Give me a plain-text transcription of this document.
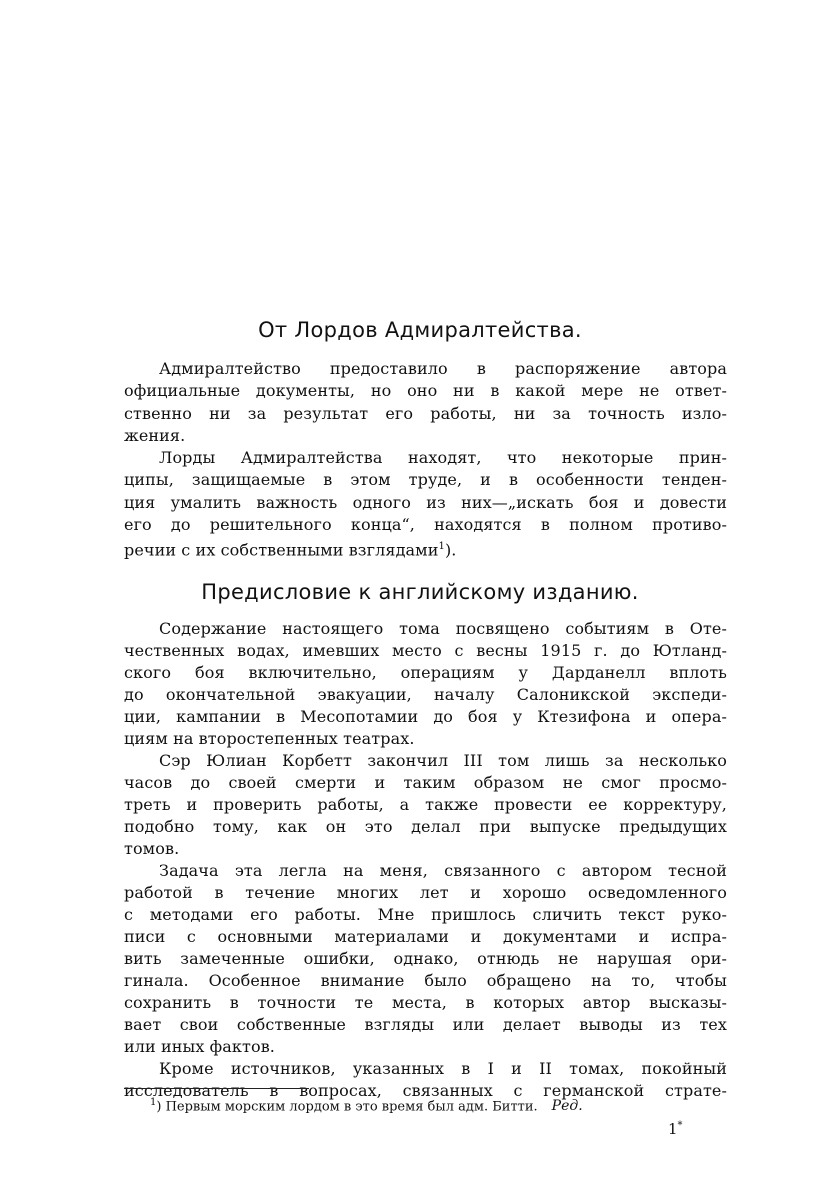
От Лордов Адмиралтейства.
Адмиралтейство предоставило в распоряжение автора
официальные документы, но оно ни в какой мере не ответ-
ственно ни за результат его работы, ни за точность изло-
жения.
Лорды Адмиралтейства находят, что некоторые прин-
ципы, защищаемые в этом труде, и в особенности тенден-
ция умалить важность одного из них—„искать боя и довести
его до решительного конца“, находятся в полном противо-
речии с их собственными взглядами$^1$).
Предисловие к английскому изданию.
Содержание настоящего тома посвящено событиям в Оте-
чественных водах, имевших место с весны 1915 г. до Ютланд-
ского боя включительно, операциям у Дарданелл вплоть
до окончательной эвакуации, началу Салоникской экспеди-
ции, кампании в Месопотамии до боя у Ктезифона и опера-
циям на второстепенных театрах.
Сэр Юлиан Корбетт закончил III том лишь за несколько
часов до своей смерти и таким образом не смог просмо-
треть и проверить работы, а также провести ее корректуру,
подобно тому, как он это делал при выпуске предыдущих
томов.
Задача эта легла на меня, связанного с автором тесной
работой в течение многих лет и хорошо осведомленного
с методами его работы. Мне пришлось сличить текст руко-
писи с основными материалами и документами и испра-
вить замеченные ошибки, однако, отнюдь не нарушая ори-
гинала. Особенное внимание было обращено на то, чтобы
сохранить в точности те места, в которых автор высказы-
вает свои собственные взгляды или делает выводы из тех
или иных фактов.
Кроме источников, указанных в I и II томах, покойный
исследователь в вопросах, связанных с германской страте-
$^1$) Первым морским лордом в это время был адм. Битти. Ред.
1*
